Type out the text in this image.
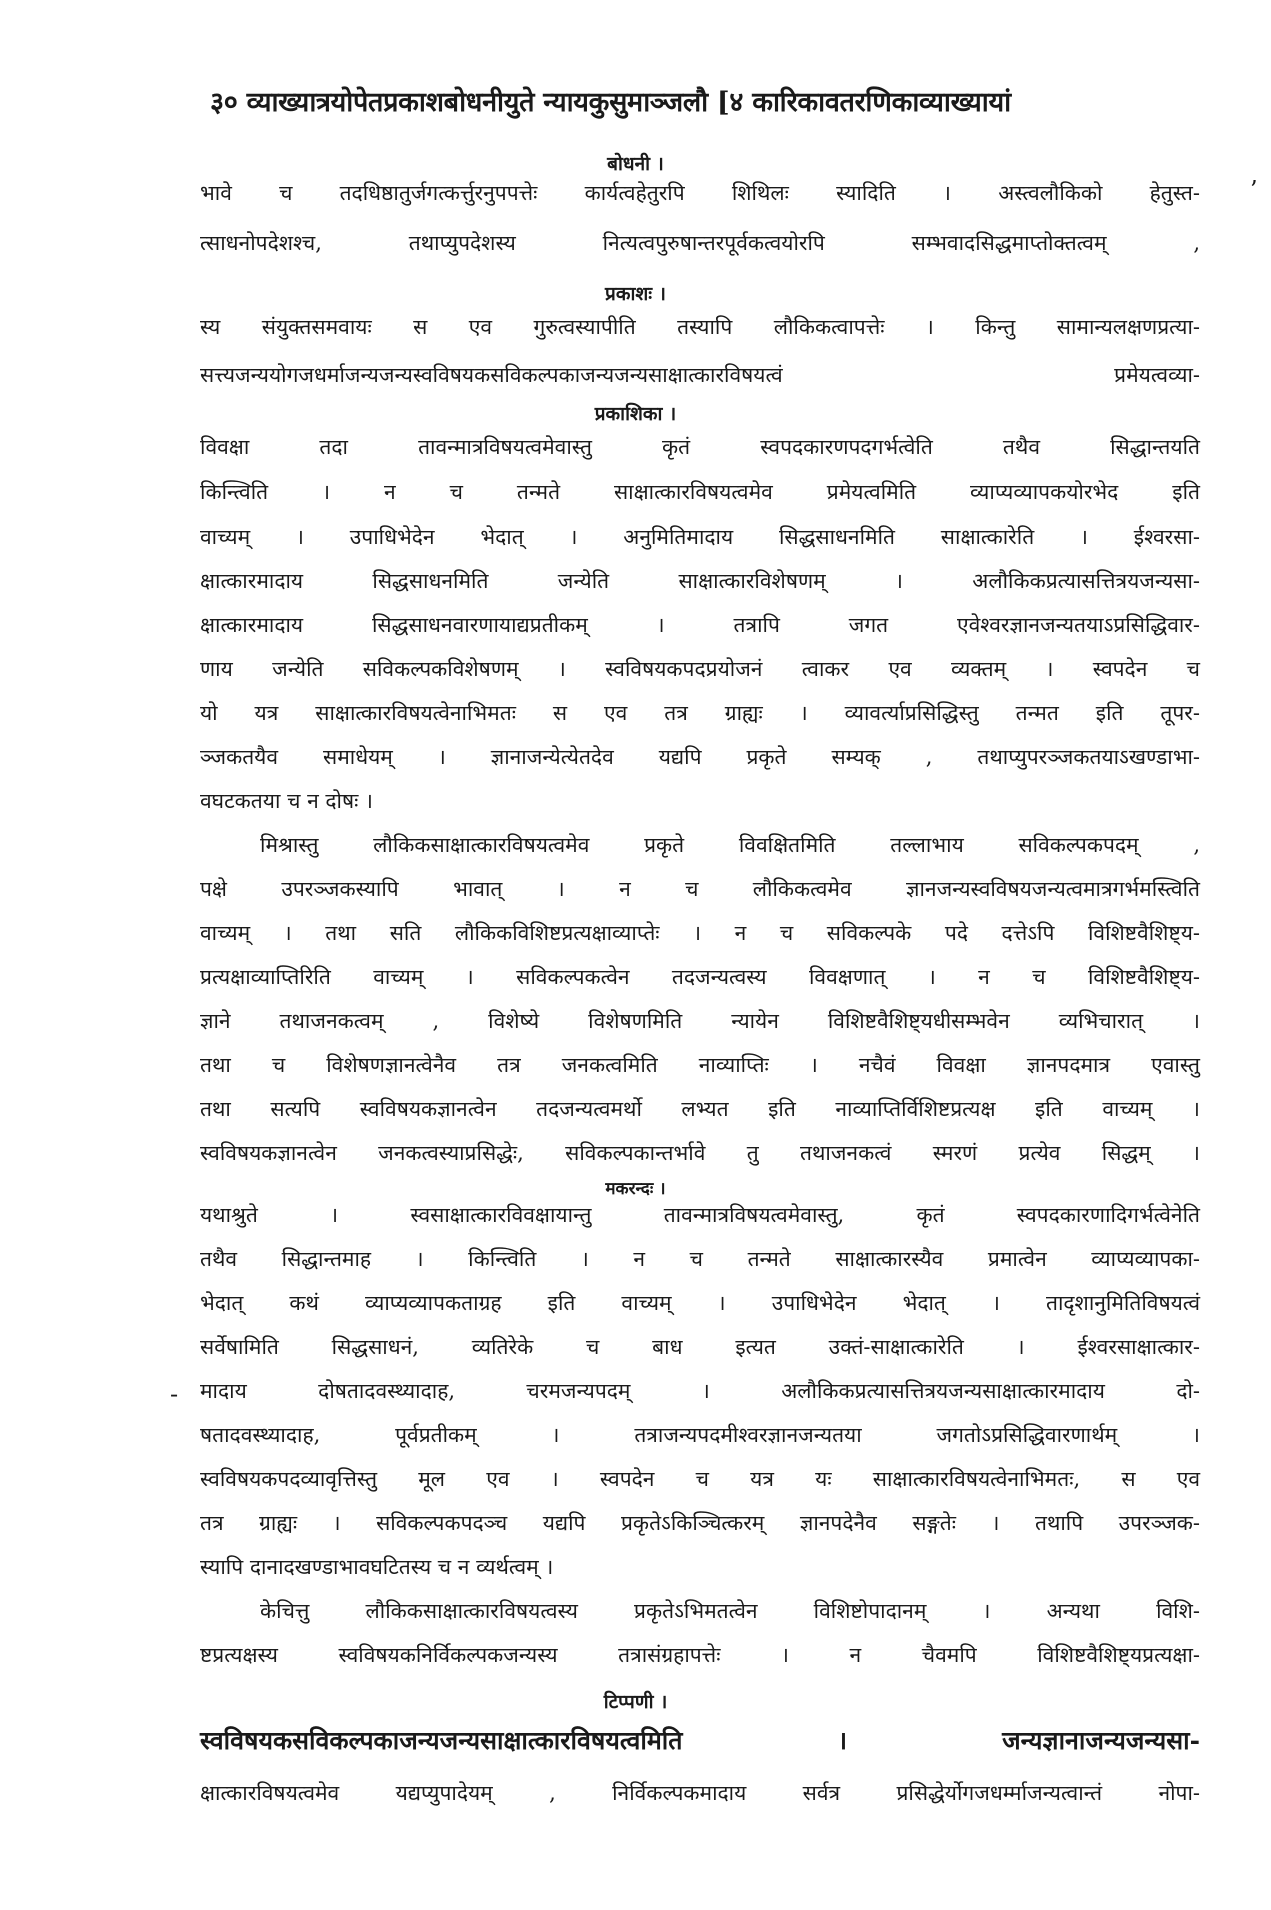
३० व्याख्यात्रयोपेतप्रकाशबोधनीयुते न्यायकुसुमाञ्जलौ [४ कारिकावतरणिकाव्याख्यायां
बोधनी ।
भावे च तदधिष्ठातुर्जगत्कर्त्तुरनुपपत्तेः कार्यत्वहेतुरपि शिथिलः स्यादिति । अस्त्वलौकिको हेतुस्त-
त्साधनोपदेशश्च, तथाप्युपदेशस्य नित्यत्वपुरुषान्तरपूर्वकत्वयोरपि सम्भवादसिद्धमाप्तोक्तत्वम् ,
प्रकाशः ।
स्य संयुक्तसमवायः स एव गुरुत्वस्यापीति तस्यापि लौकिकत्वापत्तेः । किन्तु सामान्यलक्षणप्रत्या-
सत्त्यजन्ययोगजधर्माजन्यजन्यस्वविषयकसविकल्पकाजन्यजन्यसाक्षात्कारविषयत्वं प्रमेयत्वव्या-
प्रकाशिका ।
विवक्षा तदा तावन्मात्रविषयत्वमेवास्तु कृतं स्वपदकारणपदगर्भत्वेति तथैव सिद्धान्तयति
किन्त्विति । न च तन्मते साक्षात्कारविषयत्वमेव प्रमेयत्वमिति व्याप्यव्यापकयोरभेद इति
वाच्यम् । उपाधिभेदेन भेदात् । अनुमितिमादाय सिद्धसाधनमिति साक्षात्कारेति । ईश्वरसा-
क्षात्कारमादाय सिद्धसाधनमिति जन्येति साक्षात्कारविशेषणम् । अलौकिकप्रत्यासत्तित्रयजन्यसा-
क्षात्कारमादाय सिद्धसाधनवारणायाद्यप्रतीकम् । तत्रापि जगत एवेश्वरज्ञानजन्यतयाऽप्रसिद्धिवार-
णाय जन्येति सविकल्पकविशेषणम् । स्वविषयकपदप्रयोजनं त्वाकर एव व्यक्तम् । स्वपदेन च
यो यत्र साक्षात्कारविषयत्वेनाभिमतः स एव तत्र ग्राह्यः । व्यावर्त्याप्रसिद्धिस्तु तन्मत इति तूपर-
ञ्जकतयैव समाधेयम् । ज्ञानाजन्येत्येतदेव यद्यपि प्रकृते सम्यक् , तथाप्युपरञ्जकतयाऽखण्डाभा-
वघटकतया च न दोषः ।
मिश्रास्तु लौकिकसाक्षात्कारविषयत्वमेव प्रकृते विवक्षितमिति तल्लाभाय सविकल्पकपदम् ,
पक्षे उपरञ्जकस्यापि भावात् । न च लौकिकत्वमेव ज्ञानजन्यस्वविषयजन्यत्वमात्रगर्भमस्त्विति
वाच्यम् । तथा सति लौकिकविशिष्टप्रत्यक्षाव्याप्तेः । न च सविकल्पके पदे दत्तेऽपि विशिष्टवैशिष्ट्य-
प्रत्यक्षाव्याप्तिरिति वाच्यम् । सविकल्पकत्वेन तदजन्यत्वस्य विवक्षणात् । न च विशिष्टवैशिष्ट्य-
ज्ञाने तथाजनकत्वम् , विशेष्ये विशेषणमिति न्यायेन विशिष्टवैशिष्ट्यधीसम्भवेन व्यभिचारात् ।
तथा च विशेषणज्ञानत्वेनैव तत्र जनकत्वमिति नाव्याप्तिः । नचैवं विवक्षा ज्ञानपदमात्र एवास्तु
तथा सत्यपि स्वविषयकज्ञानत्वेन तदजन्यत्वमर्थो लभ्यत इति नाव्याप्तिर्विशिष्टप्रत्यक्ष इति वाच्यम् ।
स्वविषयकज्ञानत्वेन जनकत्वस्याप्रसिद्धेः, सविकल्पकान्तर्भावे तु तथाजनकत्वं स्मरणं प्रत्येव सिद्धम् ।
मकरन्दः ।
यथाश्रुते । स्वसाक्षात्कारविवक्षायान्तु तावन्मात्रविषयत्वमेवास्तु, कृतं स्वपदकारणादिगर्भत्वेनेति
तथैव सिद्धान्तमाह । किन्त्विति । न च तन्मते साक्षात्कारस्यैव प्रमात्वेन व्याप्यव्यापका-
भेदात् कथं व्याप्यव्यापकताग्रह इति वाच्यम् । उपाधिभेदेन भेदात् । तादृशानुमितिविषयत्वं
सर्वेषामिति सिद्धसाधनं, व्यतिरेके च बाध इत्यत उक्तं-साक्षात्कारेति । ईश्वरसाक्षात्कार-
मादाय दोषतादवस्थ्यादाह, चरमजन्यपदम् । अलौकिकप्रत्यासत्तित्रयजन्यसाक्षात्कारमादाय दो-
षतादवस्थ्यादाह, पूर्वप्रतीकम् । तत्राजन्यपदमीश्वरज्ञानजन्यतया जगतोऽप्रसिद्धिवारणार्थम् ।
स्वविषयकपदव्यावृत्तिस्तु मूल एव । स्वपदेन च यत्र यः साक्षात्कारविषयत्वेनाभिमतः, स एव
तत्र ग्राह्यः । सविकल्पकपदञ्च यद्यपि प्रकृतेऽकिञ्चित्करम् ज्ञानपदेनैव सङ्गतेः । तथापि उपरञ्जक-
स्यापि दानादखण्डाभावघटितस्य च न व्यर्थत्वम् ।
केचित्तु लौकिकसाक्षात्कारविषयत्वस्य प्रकृतेऽभिमतत्वेन विशिष्टोपादानम् । अन्यथा विशि-
ष्टप्रत्यक्षस्य स्वविषयकनिर्विकल्पकजन्यस्य तत्रासंग्रहापत्तेः । न चैवमपि विशिष्टवैशिष्ट्यप्रत्यक्षा-
टिप्पणी ।
स्वविषयकसविकल्पकाजन्यजन्यसाक्षात्कारविषयत्वमिति । जन्यज्ञानाजन्यजन्यसा-
क्षात्कारविषयत्वमेव यद्यप्युपादेयम् , निर्विकल्पकमादाय सर्वत्र प्रसिद्धेर्योगजधर्म्माजन्यत्वान्तं नोपा-
’
-
